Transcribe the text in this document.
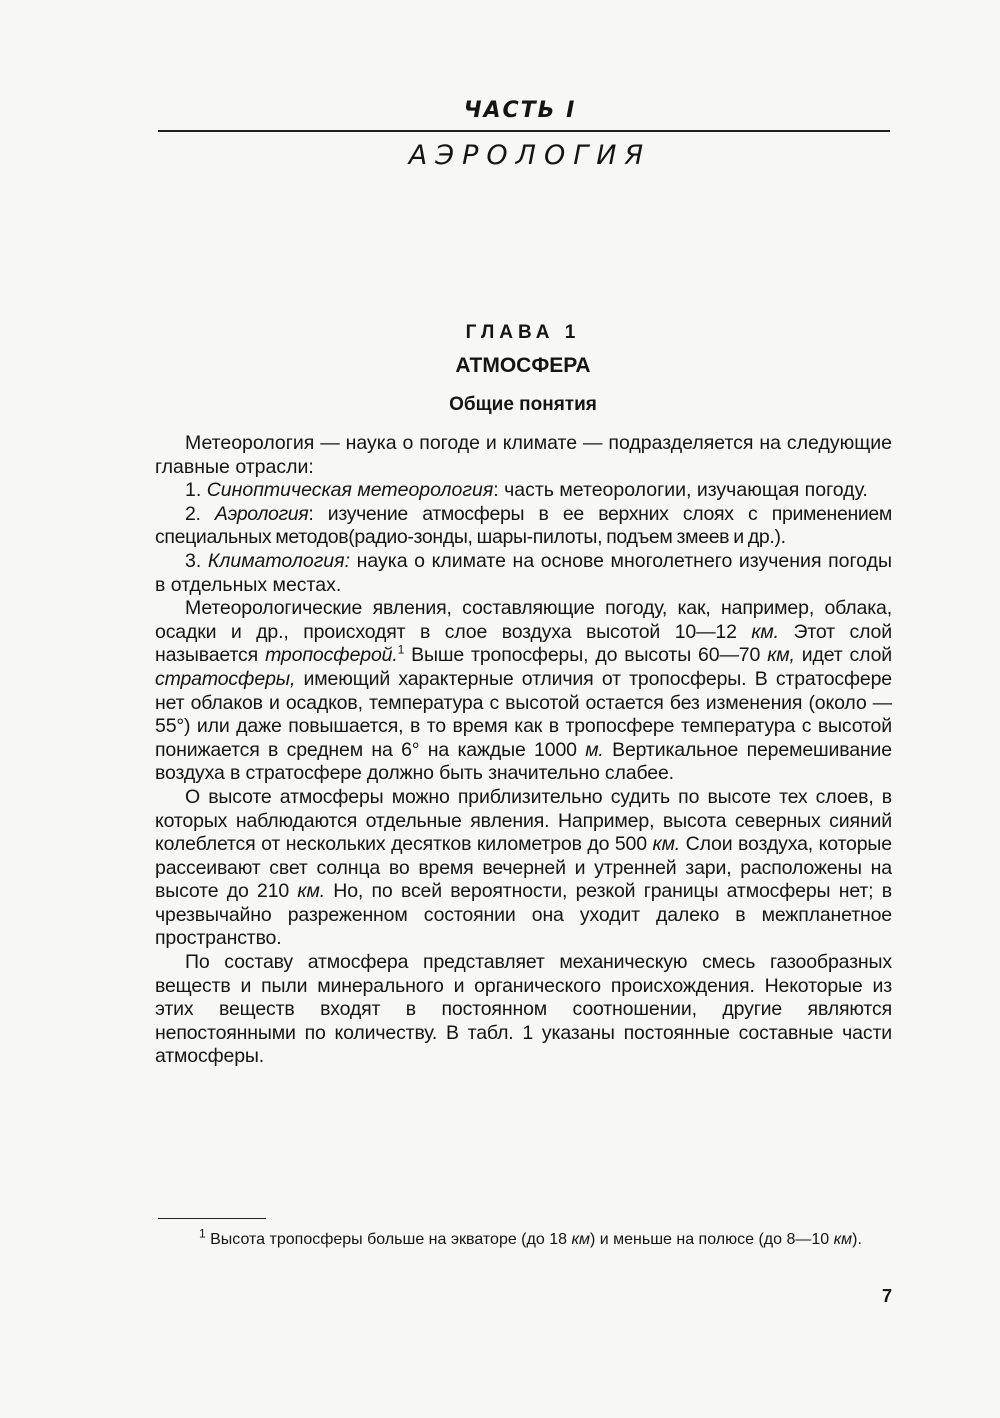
ЧАСТЬ I
АЭРОЛОГИЯ
ГЛАВА 1
АТМОСФЕРА
Общие понятия

Метеорология — наука о погоде и климате — подразделяется на следующие главные отрасли:

1. Синоптическая метеорология: часть метеорологии, изучающая погоду.

2. Аэрология: изучение атмосферы в ее верхних слоях с применением специальных методов(радио-зонды, шары-пилоты, подъем змеев и др.).

3. Климатология: наука о климате на основе многолетнего изучения погоды в отдельных местах.

Метеорологические явления, составляющие погоду, как, например, облака, осадки и др., происходят в слое воздуха высотой 10—12 км. Этот слой называется тропосферой.$^1$ Выше тропосферы, до высоты 60—70 км, идет слой стратосферы, имеющий характерные отличия от тропосферы. В стратосфере нет облаков и осадков, температура с высотой остается без изменения (около —55°) или даже повышается, в то время как в тропосфере температура с высотой понижается в среднем на 6° на каждые 1000 м. Вертикальное перемешивание воздуха в стратосфере должно быть значительно слабее.

О высоте атмосферы можно приблизительно судить по высоте тех слоев, в которых наблюдаются отдельные явления. Например, высота северных сияний колеблется от нескольких десятков километров до 500 км. Слои воздуха, которые рассеивают свет солнца во время вечерней и утренней зари, расположены на высоте до 210 км. Но, по всей вероятности, резкой границы атмосферы нет; в чрезвычайно разреженном состоянии она уходит далеко в межпланетное пространство.

По составу атмосфера представляет механическую смесь газообразных веществ и пыли минерального и органического происхождения. Некоторые из этих веществ входят в постоянном соотношении, другие являются непостоянными по количеству. В табл. 1 указаны постоянные составные части атмосферы.

$^1$ Высота тропосферы больше на экваторе (до 18 км) и меньше на полюсе (до 8—10 км).
7
